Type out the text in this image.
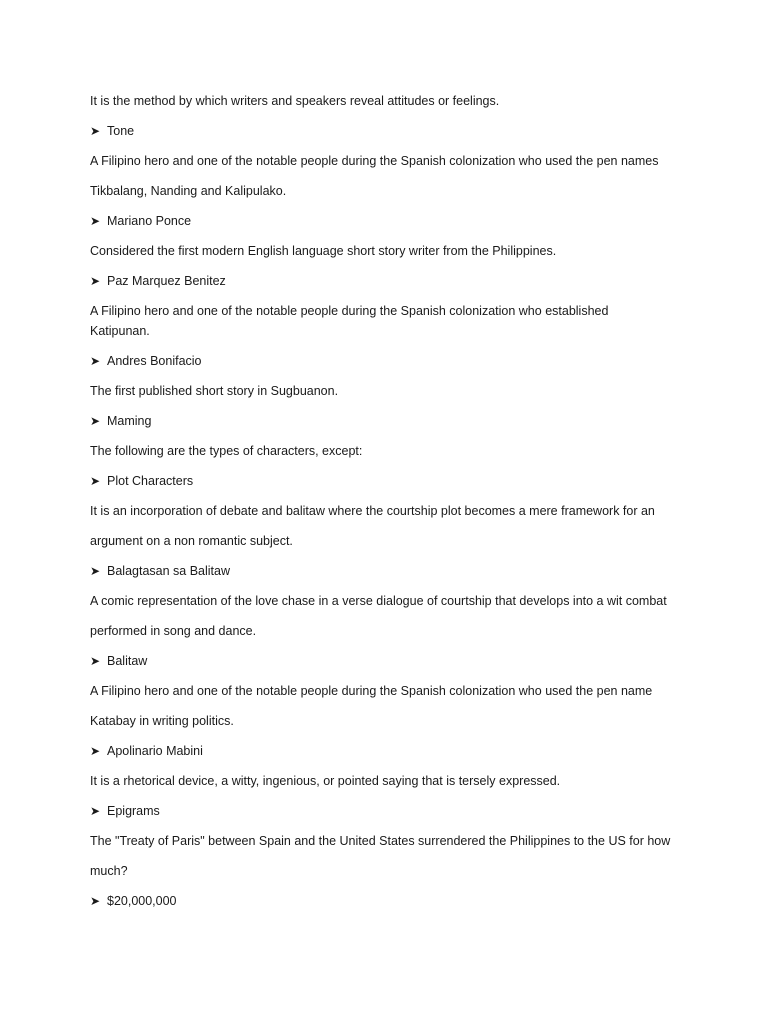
It is the method by which writers and speakers reveal attitudes or feelings.

➤ Tone

A Filipino hero and one of the notable people during the Spanish colonization who used the pen names

Tikbalang, Nanding and Kalipulako.

➤ Mariano Ponce

Considered the first modern English language short story writer from the Philippines.

➤ Paz Marquez Benitez

A Filipino hero and one of the notable people during the Spanish colonization who established

Katipunan.

➤ Andres Bonifacio

The first published short story in Sugbuanon.

➤ Maming

The following are the types of characters, except:

➤ Plot Characters

It is an incorporation of debate and balitaw where the courtship plot becomes a mere framework for an

argument on a non romantic subject.

➤ Balagtasan sa Balitaw

A comic representation of the love chase in a verse dialogue of courtship that develops into a wit combat

performed in song and dance.

➤ Balitaw

A Filipino hero and one of the notable people during the Spanish colonization who used the pen name

Katabay in writing politics.

➤ Apolinario Mabini

It is a rhetorical device, a witty, ingenious, or pointed saying that is tersely expressed.

➤ Epigrams

The "Treaty of Paris" between Spain and the United States surrendered the Philippines to the US for how

much?

➤ $20,000,000
